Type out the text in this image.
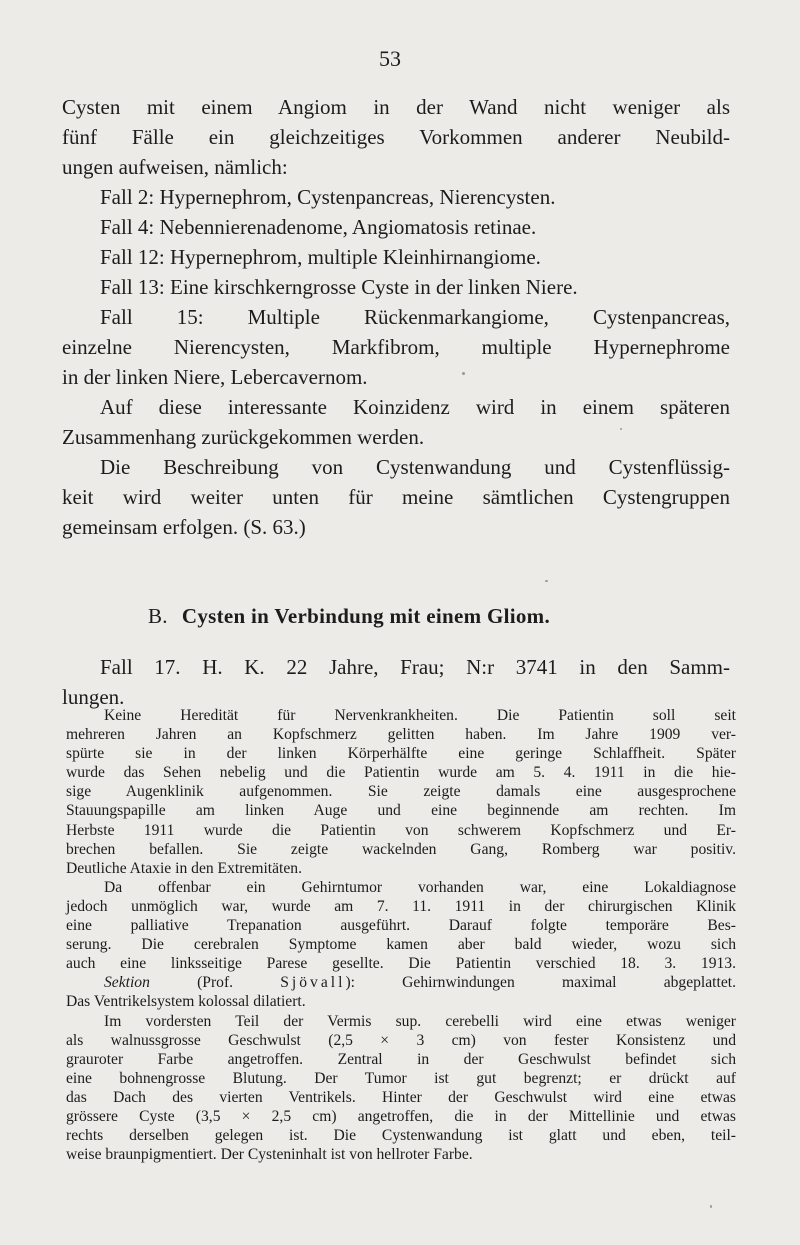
53
Cysten mit einem Angiom in der Wand nicht weniger als
fünf Fälle ein gleichzeitiges Vorkommen anderer Neubild-
ungen aufweisen, nämlich:
Fall 2: Hypernephrom, Cystenpancreas, Nierencysten.
Fall 4: Nebennierenadenome, Angiomatosis retinae.
Fall 12: Hypernephrom, multiple Kleinhirnangiome.
Fall 13: Eine kirschkerngrosse Cyste in der linken Niere.
Fall 15: Multiple Rückenmarkangiome, Cystenpancreas,
einzelne Nierencysten, Markfibrom, multiple Hypernephrome
in der linken Niere, Lebercavernom.
Auf diese interessante Koinzidenz wird in einem späteren
Zusammenhang zurückgekommen werden.
Die Beschreibung von Cystenwandung und Cystenflüssig-
keit wird weiter unten für meine sämtlichen Cystengruppen
gemeinsam erfolgen. (S. 63.)
B. Cysten in Verbindung mit einem Gliom.
Fall 17. H. K. 22 Jahre, Frau; N:r 3741 in den Samm-
lungen.
Keine Heredität für Nervenkrankheiten. Die Patientin soll seit
mehreren Jahren an Kopfschmerz gelitten haben. Im Jahre 1909 ver-
spürte sie in der linken Körperhälfte eine geringe Schlaffheit. Später
wurde das Sehen nebelig und die Patientin wurde am 5. 4. 1911 in die hie-
sige Augenklinik aufgenommen. Sie zeigte damals eine ausgesprochene
Stauungspapille am linken Auge und eine beginnende am rechten. Im
Herbste 1911 wurde die Patientin von schwerem Kopfschmerz und Er-
brechen befallen. Sie zeigte wackelnden Gang, Romberg war positiv.
Deutliche Ataxie in den Extremitäten.
Da offenbar ein Gehirntumor vorhanden war, eine Lokaldiagnose
jedoch unmöglich war, wurde am 7. 11. 1911 in der chirurgischen Klinik
eine palliative Trepanation ausgeführt. Darauf folgte temporäre Bes-
serung. Die cerebralen Symptome kamen aber bald wieder, wozu sich
auch eine linksseitige Parese gesellte. Die Patientin verschied 18. 3. 1913.
Sektion (Prof. Sjövall): Gehirnwindungen maximal abgeplattet.
Das Ventrikelsystem kolossal dilatiert.
Im vordersten Teil der Vermis sup. cerebelli wird eine etwas weniger
als walnussgrosse Geschwulst (2,5 × 3 cm) von fester Konsistenz und
grauroter Farbe angetroffen. Zentral in der Geschwulst befindet sich
eine bohnengrosse Blutung. Der Tumor ist gut begrenzt; er drückt auf
das Dach des vierten Ventrikels. Hinter der Geschwulst wird eine etwas
grössere Cyste (3,5 × 2,5 cm) angetroffen, die in der Mittellinie und etwas
rechts derselben gelegen ist. Die Cystenwandung ist glatt und eben, teil-
weise braunpigmentiert. Der Cysteninhalt ist von hellroter Farbe.
